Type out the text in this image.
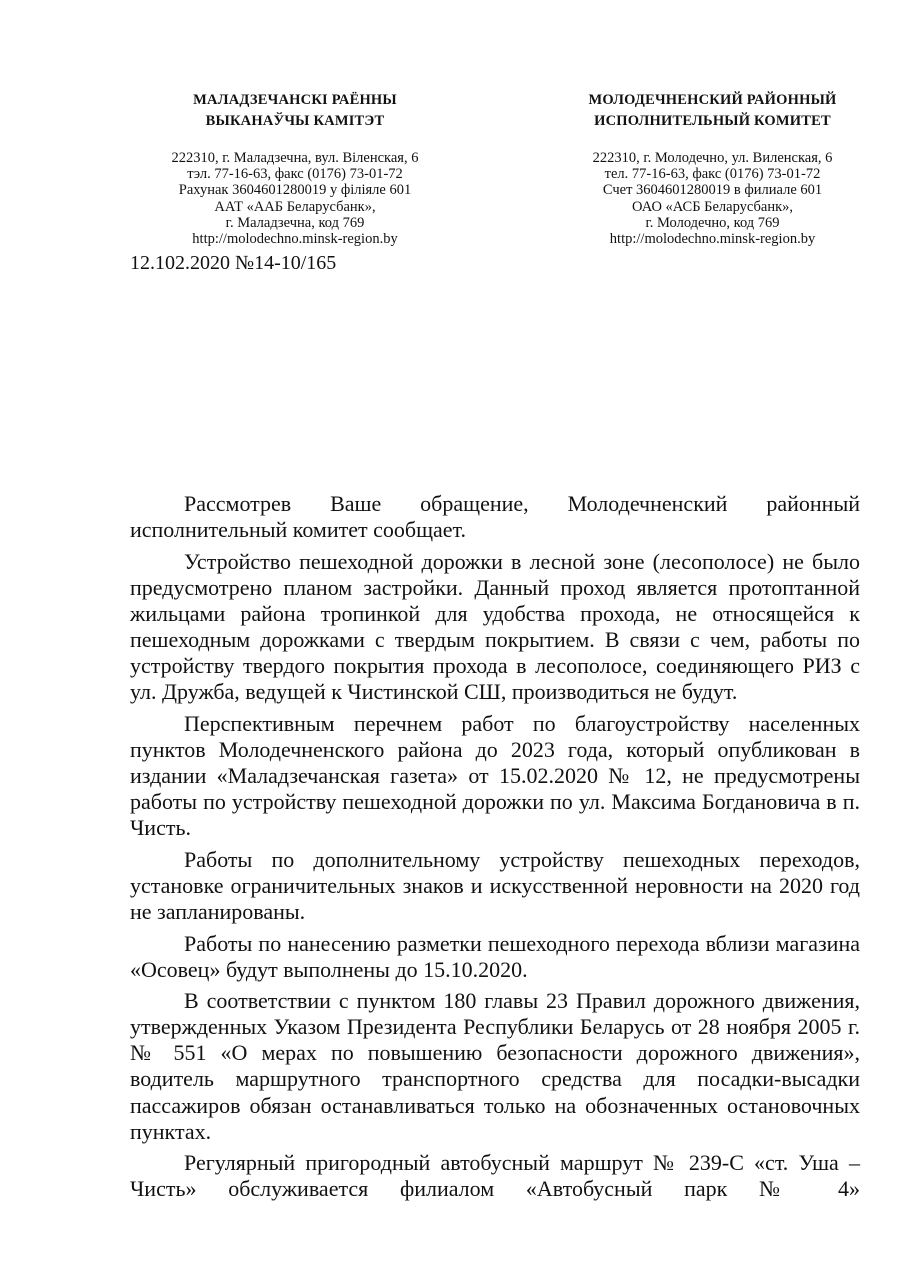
МАЛАДЗЕЧАНСКІ РАЁННЫ
ВЫКАНАЎЧЫ КАМІТЭТ
222310, г. Маладзечна, вул. Віленская, 6
тэл. 77-16-63, факс (0176) 73-01-72
Рахунак 3604601280019 у філіяле 601
ААТ «ААБ Беларусбанк»,
г. Маладзечна, код 769
http://molodechno.minsk-region.by
МОЛОДЕЧНЕНСКИЙ РАЙОННЫЙ
ИСПОЛНИТЕЛЬНЫЙ КОМИТЕТ
222310, г. Молодечно, ул. Виленская, 6
тел. 77-16-63, факс (0176) 73-01-72
Счет 3604601280019 в филиале 601
ОАО «АСБ Беларусбанк»,
г. Молодечно, код 769
http://molodechno.minsk-region.by
12.102.2020 №14-10/165

Рассмотрев Ваше обращение, Молодечненский районный исполнительный комитет сообщает.

Устройство пешеходной дорожки в лесной зоне (лесополосе) не было предусмотрено планом застройки. Данный проход является протоптанной жильцами района тропинкой для удобства прохода, не относящейся к пешеходным дорожками с твердым покрытием. В связи с чем, работы по устройству твердого покрытия прохода в лесополосе, соединяющего РИЗ с ул. Дружба, ведущей к Чистинской СШ, производиться не будут.

Перспективным перечнем работ по благоустройству населенных пунктов Молодечненского района до 2023 года, который опубликован в издании «Маладзечанская газета» от 15.02.2020 № 12, не предусмотрены работы по устройству пешеходной дорожки по ул. Максима Богдановича в п. Чисть.

Работы по дополнительному устройству пешеходных переходов, установке ограничительных знаков и искусственной неровности на 2020 год не запланированы.

Работы по нанесению разметки пешеходного перехода вблизи магазина «Осовец» будут выполнены до 15.10.2020.

В соответствии с пунктом 180 главы 23 Правил дорожного движения, утвержденных Указом Президента Республики Беларусь от 28 ноября 2005 г. № 551 «О мерах по повышению безопасности дорожного движения», водитель маршрутного транспортного средства для посадки-высадки пассажиров обязан останавливаться только на обозначенных остановочных пунктах.

Регулярный пригородный автобусный маршрут № 239-С «ст. Уша – Чисть» обслуживается филиалом «Автобусный парк № 4»
